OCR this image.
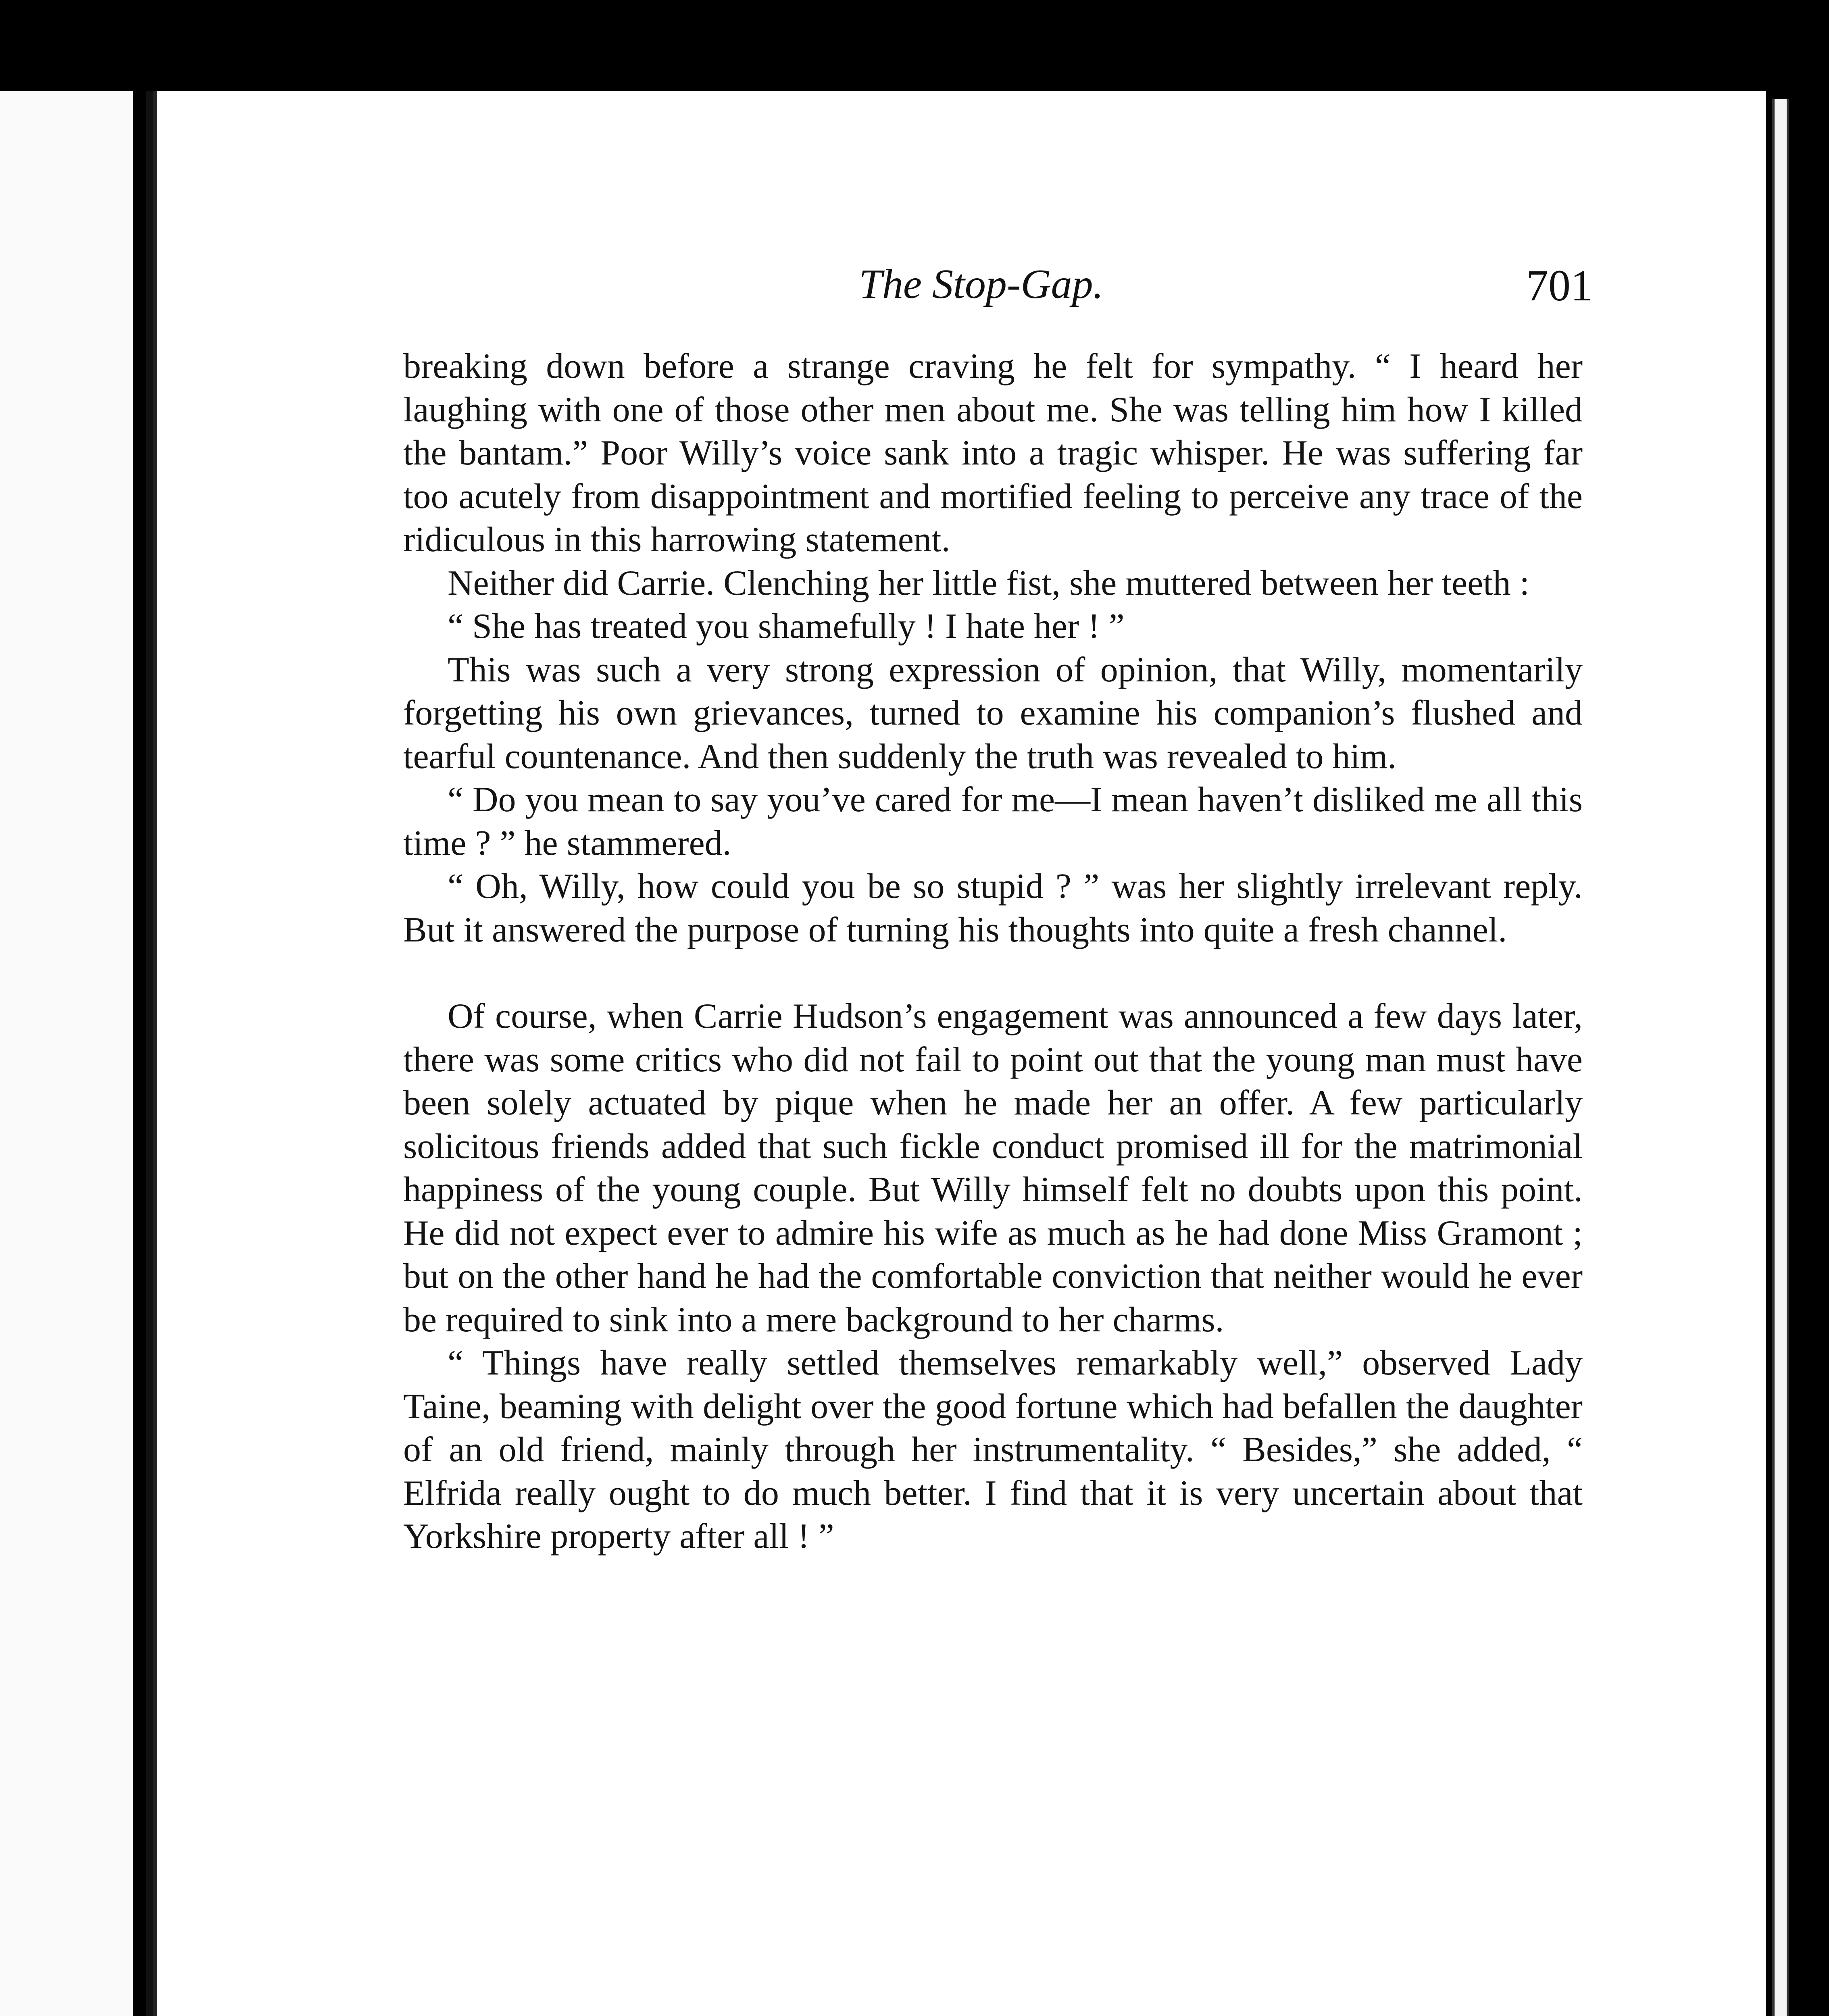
The Stop-Gap.	701

breaking down before a strange craving he felt for sympathy. “ I heard her laughing with one of those other men about me. She was telling him how I killed the bantam.” Poor Willy’s voice sank into a tragic whisper. He was suffering far too acutely from disappointment and mortified feeling to perceive any trace of the ridiculous in this harrowing statement.

Neither did Carrie. Clenching her little fist, she muttered between her teeth :

“ She has treated you shamefully ! I hate her ! ”

This was such a very strong expression of opinion, that Willy, momentarily forgetting his own grievances, turned to examine his companion’s flushed and tearful countenance. And then suddenly the truth was revealed to him.

“ Do you mean to say you’ve cared for me—I mean haven’t disliked me all this time ? ” he stammered.

“ Oh, Willy, how could you be so stupid ? ” was her slightly irrelevant reply. But it answered the purpose of turning his thoughts into quite a fresh channel.

Of course, when Carrie Hudson’s engagement was announced a few days later, there was some critics who did not fail to point out that the young man must have been solely actuated by pique when he made her an offer. A few particularly solicitous friends added that such fickle conduct promised ill for the matrimonial happiness of the young couple. But Willy himself felt no doubts upon this point. He did not expect ever to admire his wife as much as he had done Miss Gramont ; but on the other hand he had the comfortable conviction that neither would he ever be required to sink into a mere background to her charms.

“ Things have really settled themselves remarkably well,” observed Lady Taine, beaming with delight over the good fortune which had befallen the daughter of an old friend, mainly through her instrumentality. “ Besides,” she added, “ Elfrida really ought to do much better. I find that it is very uncertain about that Yorkshire property after all ! ”
